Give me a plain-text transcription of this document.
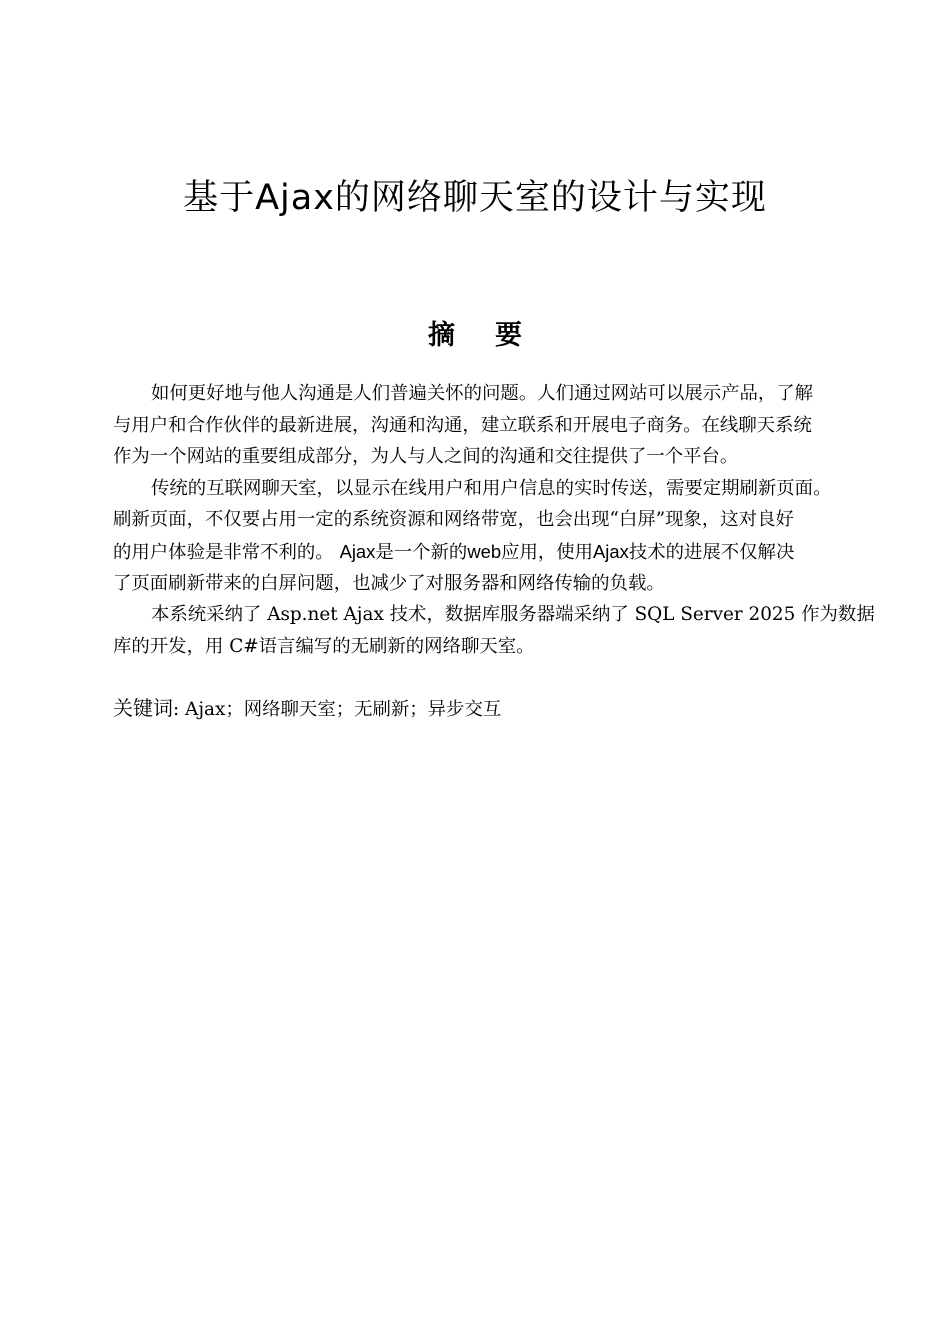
基于Ajax的网络聊天室的设计与实现
摘要
如何更好地与他人沟通是人们普遍关怀的问题。人们通过网站可以展示产品，了解
与用户和合作伙伴的最新进展，沟通和沟通，建立联系和开展电子商务。在线聊天系统
作为一个网站的重要组成部分，为人与人之间的沟通和交往提供了一个平台。
传统的互联网聊天室，以显示在线用户和用户信息的实时传送，需要定期刷新页面。
刷新页面，不仅要占用一定的系统资源和网络带宽，也会出现“白屏”现象，这对良好
的用户体验是非常不利的。 Ajax是一个新的web应用，使用Ajax技术的进展不仅解决
了页面刷新带来的白屏问题，也减少了对服务器和网络传输的负载。
本系统采纳了 Asp.net Ajax 技术，数据库服务器端采纳了 SQL Server 2025 作为数据
库的开发，用 C#语言编写的无刷新的网络聊天室。
关键词: Ajax；网络聊天室；无刷新；异步交互
